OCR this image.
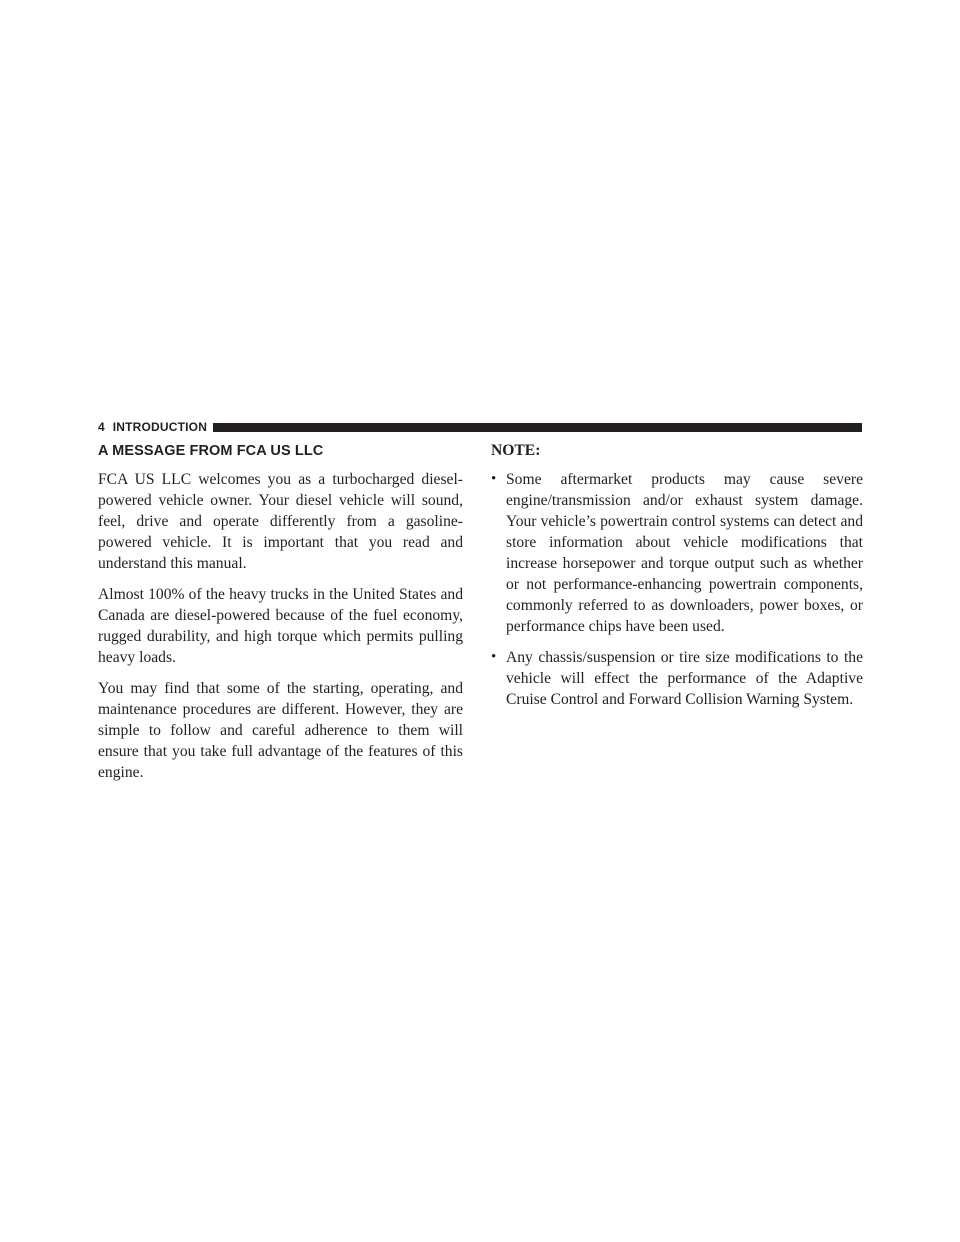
4 INTRODUCTION
A MESSAGE FROM FCA US LLC

FCA US LLC welcomes you as a turbocharged diesel-powered vehicle owner. Your diesel vehicle will sound, feel, drive and operate differently from a gasoline-powered vehicle. It is important that you read and understand this manual.

Almost 100% of the heavy trucks in the United States and Canada are diesel-powered because of the fuel economy, rugged durability, and high torque which permits pulling heavy loads.

You may find that some of the starting, operating, and maintenance procedures are different. However, they are simple to follow and careful adherence to them will ensure that you take full advantage of the features of this engine.

NOTE:
• Some aftermarket products may cause severe engine/transmission and/or exhaust system damage. Your vehicle’s powertrain control systems can detect and store information about vehicle modifications that increase horsepower and torque output such as whether or not performance-enhancing powertrain components, commonly referred to as downloaders, power boxes, or performance chips have been used.
• Any chassis/suspension or tire size modifications to the vehicle will effect the performance of the Adaptive Cruise Control and Forward Collision Warning System.
